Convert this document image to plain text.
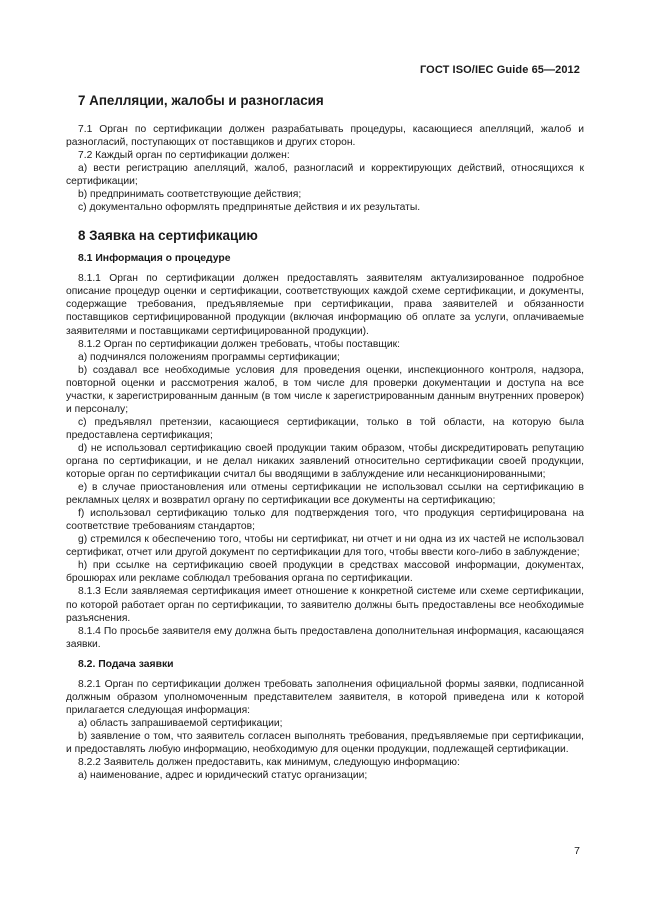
ГОСТ ISO/IEC Guide 65—2012
7 Апелляции, жалобы и разногласия

7.1 Орган по сертификации должен разрабатывать процедуры, касающиеся апелляций, жалоб и разногласий, поступающих от поставщиков и других сторон.

7.2 Каждый орган по сертификации должен:

a) вести регистрацию апелляций, жалоб, разногласий и корректирующих действий, относящихся к сертификации;

b) предпринимать соответствующие действия;

c) документально оформлять предпринятые действия и их результаты.

8 Заявка на сертификацию
8.1 Информация о процедуре

8.1.1 Орган по сертификации должен предоставлять заявителям актуализированное подробное описание процедур оценки и сертификации, соответствующих каждой схеме сертификации, и документы, содержащие требования, предъявляемые при сертификации, права заявителей и обязанности поставщиков сертифицированной продукции (включая информацию об оплате за услуги, оплачиваемые заявителями и поставщиками сертифицированной продукции).

8.1.2 Орган по сертификации должен требовать, чтобы поставщик:

a) подчинялся положениям программы сертификации;

b) создавал все необходимые условия для проведения оценки, инспекционного контроля, надзора, повторной оценки и рассмотрения жалоб, в том числе для проверки документации и доступа на все участки, к зарегистрированным данным (в том числе к зарегистрированным данным внутренних проверок) и персоналу;

c) предъявлял претензии, касающиеся сертификации, только в той области, на которую была предоставлена сертификация;

d) не использовал сертификацию своей продукции таким образом, чтобы дискредитировать репутацию органа по сертификации, и не делал никаких заявлений относительно сертификации своей продукции, которые орган по сертификации считал бы вводящими в заблуждение или несанкционированными;

e) в случае приостановления или отмены сертификации не использовал ссылки на сертификацию в рекламных целях и возвратил органу по сертификации все документы на сертификацию;

f) использовал сертификацию только для подтверждения того, что продукция сертифицирована на соответствие требованиям стандартов;

g) стремился к обеспечению того, чтобы ни сертификат, ни отчет и ни одна из их частей не использовал сертификат, отчет или другой документ по сертификации для того, чтобы ввести кого-либо в заблуждение;

h) при ссылке на сертификацию своей продукции в средствах массовой информации, документах, брошюрах или рекламе соблюдал требования органа по сертификации.

8.1.3 Если заявляемая сертификация имеет отношение к конкретной системе или схеме сертификации, по которой работает орган по сертификации, то заявителю должны быть предоставлены все необходимые разъяснения.

8.1.4 По просьбе заявителя ему должна быть предоставлена дополнительная информация, касающаяся заявки.

8.2. Подача заявки

8.2.1 Орган по сертификации должен требовать заполнения официальной формы заявки, подписанной должным образом уполномоченным представителем заявителя, в которой приведена или к которой прилагается следующая информация:

a) область запрашиваемой сертификации;

b) заявление о том, что заявитель согласен выполнять требования, предъявляемые при сертификации, и предоставлять любую информацию, необходимую для оценки продукции, подлежащей сертификации.

8.2.2 Заявитель должен предоставить, как минимум, следующую информацию:

a) наименование, адрес и юридический статус организации;

7
